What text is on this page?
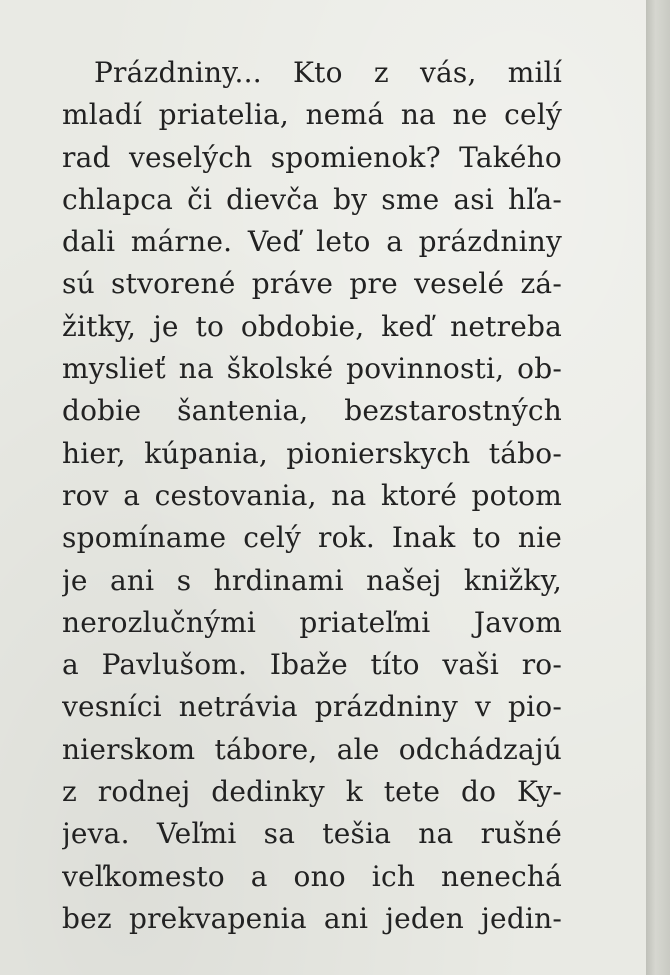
Prázdniny... Kto z vás, milí
mladí priatelia, nemá na ne celý
rad veselých spomienok? Takého
chlapca či dievča by sme asi hľa-
dali márne. Veď leto a prázdniny
sú stvorené práve pre veselé zá-
žitky, je to obdobie, keď netreba
myslieť na školské povinnosti, ob-
dobie šantenia, bezstarostných
hier, kúpania, pionierskych tábo-
rov a cestovania, na ktoré potom
spomíname celý rok. Inak to nie
je ani s hrdinami našej knižky,
nerozlučnými priateľmi Javom
a Pavlušom. Ibaže títo vaši ro-
vesníci netrávia prázdniny v pio-
nierskom tábore, ale odchádzajú
z rodnej dedinky k tete do Ky-
jeva. Veľmi sa tešia na rušné
veľkomesto a ono ich nenechá
bez prekvapenia ani jeden jedin-
